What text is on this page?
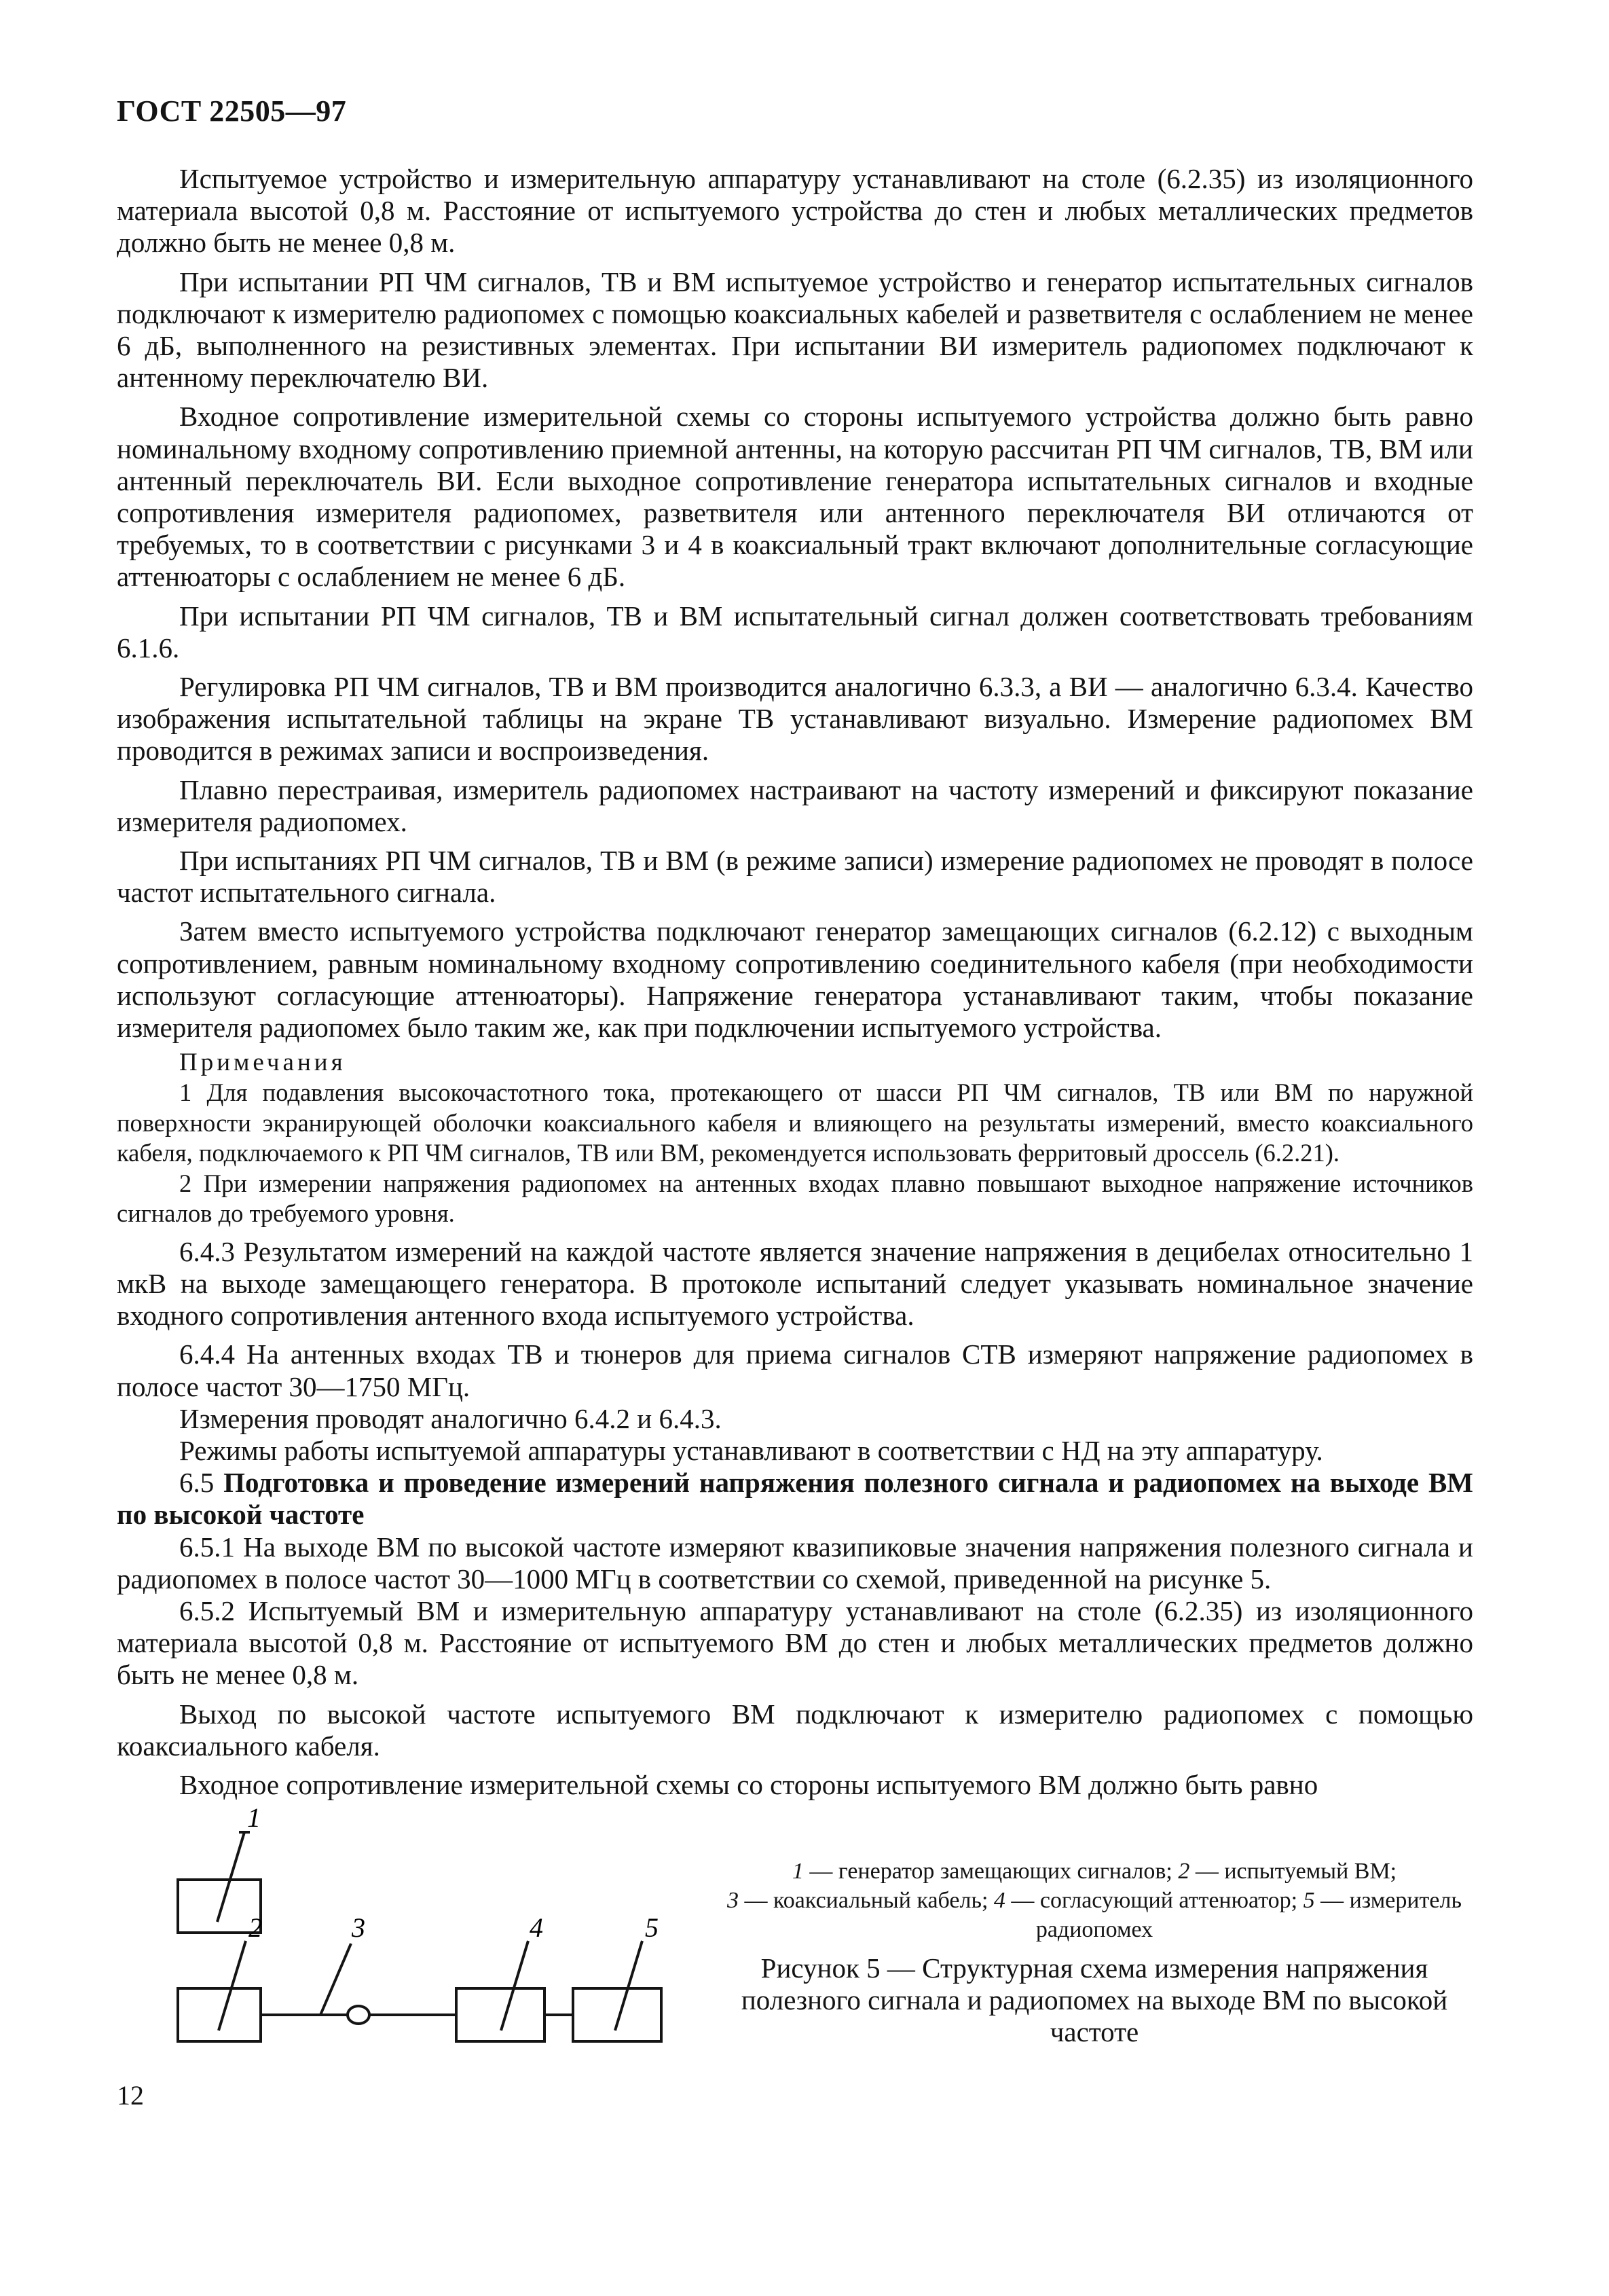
ГОСТ 22505—97

Испытуемое устройство и измерительную аппаратуру устанавливают на столе (6.2.35) из изоляционного материала высотой 0,8 м. Расстояние от испытуемого устройства до стен и любых металлических предметов должно быть не менее 0,8 м.

При испытании РП ЧМ сигналов, ТВ и ВМ испытуемое устройство и генератор испытательных сигналов подключают к измерителю радиопомех с помощью коаксиальных кабелей и разветвителя с ослаблением не менее 6 дБ, выполненного на резистивных элементах. При испытании ВИ измеритель радиопомех подключают к антенному переключателю ВИ.

Входное сопротивление измерительной схемы со стороны испытуемого устройства должно быть равно номинальному входному сопротивлению приемной антенны, на которую рассчитан РП ЧМ сигналов, ТВ, ВМ или антенный переключатель ВИ. Если выходное сопротивление генератора испытательных сигналов и входные сопротивления измерителя радиопомех, разветвителя или антенного переключателя ВИ отличаются от требуемых, то в соответствии с рисунками 3 и 4 в коаксиальный тракт включают дополнительные согласующие аттенюаторы с ослаблением не менее 6 дБ.

При испытании РП ЧМ сигналов, ТВ и ВМ испытательный сигнал должен соответствовать требованиям 6.1.6.

Регулировка РП ЧМ сигналов, ТВ и ВМ производится аналогично 6.3.3, а ВИ — аналогично 6.3.4. Качество изображения испытательной таблицы на экране ТВ устанавливают визуально. Измерение радиопомех ВМ проводится в режимах записи и воспроизведения.

Плавно перестраивая, измеритель радиопомех настраивают на частоту измерений и фиксируют показание измерителя радиопомех.

При испытаниях РП ЧМ сигналов, ТВ и ВМ (в режиме записи) измерение радиопомех не проводят в полосе частот испытательного сигнала.

Затем вместо испытуемого устройства подключают генератор замещающих сигналов (6.2.12) с выходным сопротивлением, равным номинальному входному сопротивлению соединительного кабеля (при необходимости используют согласующие аттенюаторы). Напряжение генератора устанавливают таким, чтобы показание измерителя радиопомех было таким же, как при подключении испытуемого устройства.

Примечания

1 Для подавления высокочастотного тока, протекающего от шасси РП ЧМ сигналов, ТВ или ВМ по наружной поверхности экранирующей оболочки коаксиального кабеля и влияющего на результаты измерений, вместо коаксиального кабеля, подключаемого к РП ЧМ сигналов, ТВ или ВМ, рекомендуется использовать ферритовый дроссель (6.2.21).

2 При измерении напряжения радиопомех на антенных входах плавно повышают выходное напряжение источников сигналов до требуемого уровня.

6.4.3 Результатом измерений на каждой частоте является значение напряжения в децибелах относительно 1 мкВ на выходе замещающего генератора. В протоколе испытаний следует указывать номинальное значение входного сопротивления антенного входа испытуемого устройства.

6.4.4 На антенных входах ТВ и тюнеров для приема сигналов СТВ измеряют напряжение радиопомех в полосе частот 30—1750 МГц.

Измерения проводят аналогично 6.4.2 и 6.4.3.

Режимы работы испытуемой аппаратуры устанавливают в соответствии с НД на эту аппаратуру.

6.5 Подготовка и проведение измерений напряжения полезного сигнала и радиопомех на выходе ВМ по высокой частоте

6.5.1 На выходе ВМ по высокой частоте измеряют квазипиковые значения напряжения полезного сигнала и радиопомех в полосе частот 30—1000 МГц в соответствии со схемой, приведенной на рисунке 5.

6.5.2 Испытуемый ВМ и измерительную аппаратуру устанавливают на столе (6.2.35) из изоляционного материала высотой 0,8 м. Расстояние от испытуемого ВМ до стен и любых металлических предметов должно быть не менее 0,8 м.

Выход по высокой частоте испытуемого ВМ подключают к измерителю радиопомех с помощью коаксиального кабеля.

Входное сопротивление измерительной схемы со стороны испытуемого ВМ должно быть равно

1
2	3	4	5
1 — генератор замещающих сигналов; 2 — испытуемый ВМ;
3 — коаксиальный кабель; 4 — согласующий аттенюатор; 5 — измеритель радиопомех
Рисунок 5 — Структурная схема измерения напряжения полезного сигнала и радиопомех на выходе ВМ по высокой частоте
12
